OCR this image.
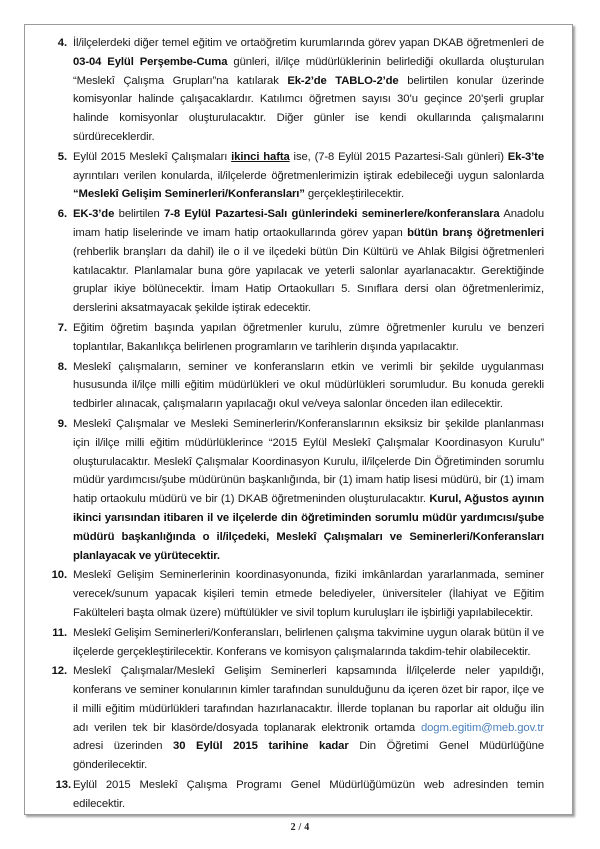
4. İl/ilçelerdeki diğer temel eğitim ve ortaöğretim kurumlarında görev yapan DKAB öğretmenleri de 03-04 Eylül Perşembe-Cuma günleri, il/ilçe müdürlüklerinin belirlediği okullarda oluşturulan “Meslekî Çalışma Grupları”na katılarak Ek-2’de TABLO-2’de belirtilen konular üzerinde komisyonlar halinde çalışacaklardır. Katılımcı öğretmen sayısı 30’u geçince 20’şerli gruplar halinde komisyonlar oluşturulacaktır. Diğer günler ise kendi okullarında çalışmalarını sürdüreceklerdir.
5. Eylül 2015 Meslekî Çalışmaları ikinci hafta ise, (7-8 Eylül 2015 Pazartesi-Salı günleri) Ek-3’te ayrıntıları verilen konularda, il/ilçelerde öğretmenlerimizin iştirak edebileceği uygun salonlarda “Meslekî Gelişim Seminerleri/Konferansları” gerçekleştirilecektir.
6. EK-3’de belirtilen 7-8 Eylül Pazartesi-Salı günlerindeki seminerlere/konferanslara Anadolu imam hatip liselerinde ve imam hatip ortaokullarında görev yapan bütün branş öğretmenleri (rehberlik branşları da dahil) ile o il ve ilçedeki bütün Din Kültürü ve Ahlak Bilgisi öğretmenleri katılacaktır. Planlamalar buna göre yapılacak ve yeterli salonlar ayarlanacaktır. Gerektiğinde gruplar ikiye bölünecektir. İmam Hatip Ortaokulları 5. Sınıflara dersi olan öğretmenlerimiz, derslerini aksatmayacak şekilde iştirak edecektir.
7. Eğitim öğretim başında yapılan öğretmenler kurulu, zümre öğretmenler kurulu ve benzeri toplantılar, Bakanlıkça belirlenen programların ve tarihlerin dışında yapılacaktır.
8. Meslekî çalışmaların, seminer ve konferansların etkin ve verimli bir şekilde uygulanması hususunda il/ilçe milli eğitim müdürlükleri ve okul müdürlükleri sorumludur. Bu konuda gerekli tedbirler alınacak, çalışmaların yapılacağı okul ve/veya salonlar önceden ilan edilecektir.
9. Meslekî Çalışmalar ve Mesleki Seminerlerin/Konferanslarının eksiksiz bir şekilde planlanması için il/ilçe milli eğitim müdürlüklerince “2015 Eylül Meslekî Çalışmalar Koordinasyon Kurulu” oluşturulacaktır. Meslekî Çalışmalar Koordinasyon Kurulu, il/ilçelerde Din Öğretiminden sorumlu müdür yardımcısı/şube müdürünün başkanlığında, bir (1) imam hatip lisesi müdürü, bir (1) imam hatip ortaokulu müdürü ve bir (1) DKAB öğretmeninden oluşturulacaktır. Kurul, Ağustos ayının ikinci yarısından itibaren il ve ilçelerde din öğretiminden sorumlu müdür yardımcısı/şube müdürü başkanlığında o il/ilçedeki, Meslekî Çalışmaları ve Seminerleri/Konferansları planlayacak ve yürütecektir.
10. Meslekî Gelişim Seminerlerinin koordinasyonunda, fiziki imkânlardan yararlanmada, seminer verecek/sunum yapacak kişileri temin etmede belediyeler, üniversiteler (İlahiyat ve Eğitim Fakülteleri başta olmak üzere) müftülükler ve sivil toplum kuruluşları ile işbirliği yapılabilecektir.
11. Meslekî Gelişim Seminerleri/Konferansları, belirlenen çalışma takvimine uygun olarak bütün il ve ilçelerde gerçekleştirilecektir. Konferans ve komisyon çalışmalarında takdim-tehir olabilecektir.
12. Meslekî Çalışmalar/Meslekî Gelişim Seminerleri kapsamında İl/ilçelerde neler yapıldığı, konferans ve seminer konularının kimler tarafından sunulduğunu da içeren özet bir rapor, ilçe ve il milli eğitim müdürlükleri tarafından hazırlanacaktır. İllerde toplanan bu raporlar ait olduğu ilin adı verilen tek bir klasörde/dosyada toplanarak elektronik ortamda dogm.egitim@meb.gov.tr adresi üzerinden 30 Eylül 2015 tarihine kadar Din Öğretimi Genel Müdürlüğüne gönderilecektir.
13. Eylül 2015 Meslekî Çalışma Programı Genel Müdürlüğümüzün web adresinden temin edilecektir.
2 / 4
